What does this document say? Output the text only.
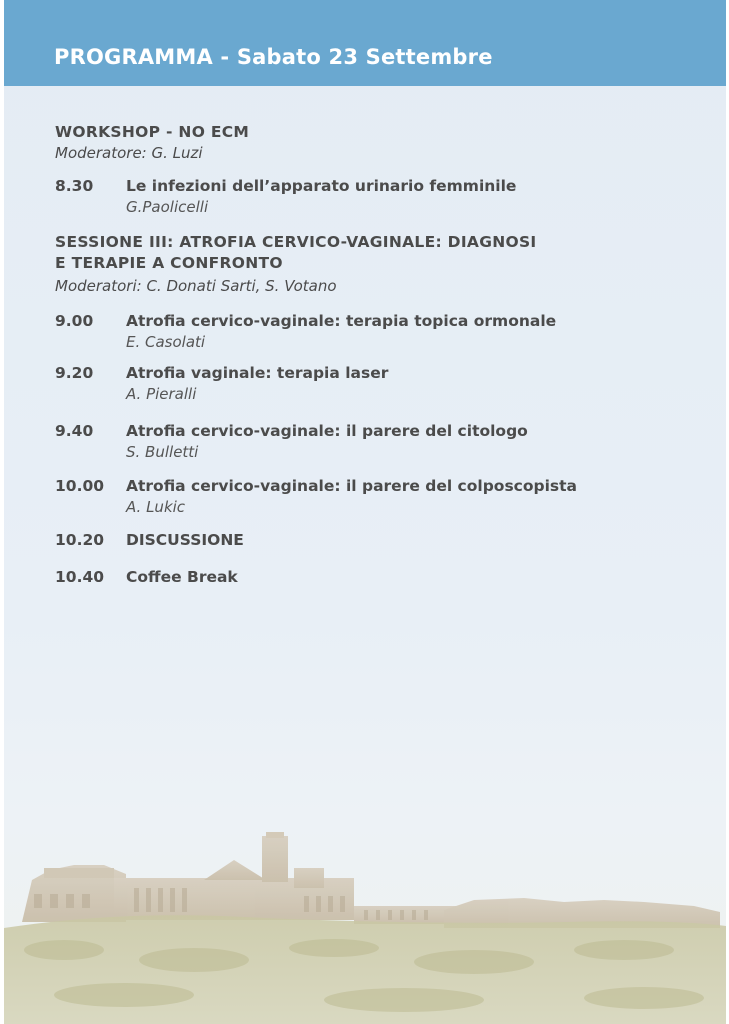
PROGRAMMA - Sabato 23 Settembre
WORKSHOP - NO ECM
Moderatore: G. Luzi
8.30	Le infezioni dell’apparato urinario femminile
G.Paolicelli
SESSIONE III: ATROFIA CERVICO-VAGINALE: DIAGNOSI
E TERAPIE A CONFRONTO
Moderatori: C. Donati Sarti, S. Votano
9.00	Atrofia cervico-vaginale: terapia topica ormonale
E. Casolati
9.20	Atrofia vaginale: terapia laser
A. Pieralli
9.40	Atrofia cervico-vaginale: il parere del citologo
S. Bulletti
10.00	Atrofia cervico-vaginale: il parere del colposcopista
A. Lukic
10.20	DISCUSSIONE
10.40	Coffee Break
